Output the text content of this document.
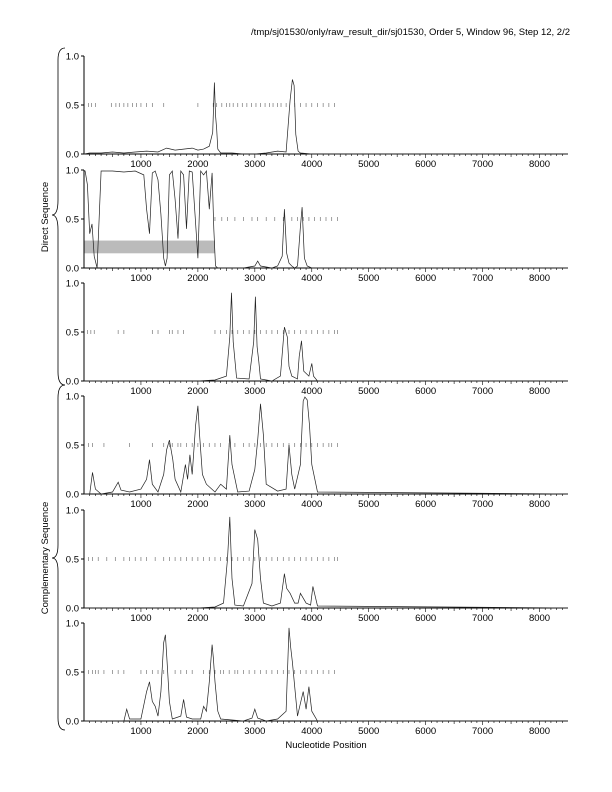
/tmp/sj01530/only/raw_result_dir/sj01530, Order 5, Window 96, Step 12, 2/2
0.0
0.5
1.0
1000	2000	3000	4000	5000	6000	7000	8000
0.0
0.5
1.0
1000	2000	3000	4000	5000	6000	7000	8000
0.0
0.5
1.0
1000	2000	3000	4000	5000	6000	7000	8000
0.0
0.5
1.0
1000	2000	3000	4000	5000	6000	7000	8000
0.0
0.5
1.0
1000	2000	3000	4000	5000	6000	7000	8000
0.0
0.5
1.0
1000	2000	3000	4000	5000	6000	7000	8000
Direct Sequence
Complementary Sequence
Nucleotide Position
